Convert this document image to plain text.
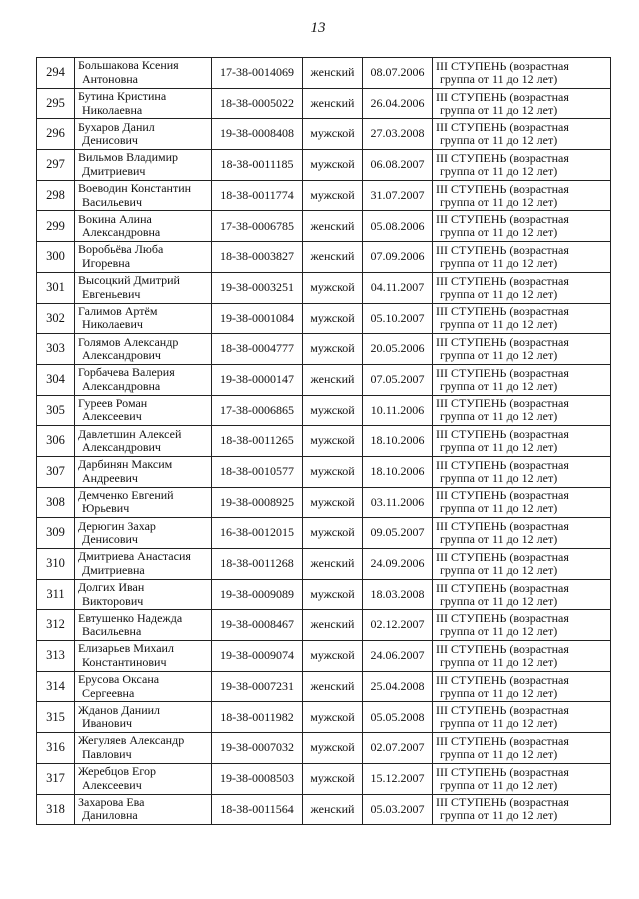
13
294	Большакова Ксения
Антоновна	17-38-0014069	женский	08.07.2006	III СТУПЕНЬ (возрастная
группа от 11 до 12 лет)

295	Бутина Кристина
Николаевна	18-38-0005022	женский	26.04.2006	III СТУПЕНЬ (возрастная
группа от 11 до 12 лет)

296	Бухаров Данил
Денисович	19-38-0008408	мужской	27.03.2008	III СТУПЕНЬ (возрастная
группа от 11 до 12 лет)

297	Вильмов Владимир
Дмитриевич	18-38-0011185	мужской	06.08.2007	III СТУПЕНЬ (возрастная
группа от 11 до 12 лет)

298	Воеводин Константин
Васильевич	18-38-0011774	мужской	31.07.2007	III СТУПЕНЬ (возрастная
группа от 11 до 12 лет)

299	Вокина Алина
Александровна	17-38-0006785	женский	05.08.2006	III СТУПЕНЬ (возрастная
группа от 11 до 12 лет)

300	Воробьёва Люба
Игоревна	18-38-0003827	женский	07.09.2006	III СТУПЕНЬ (возрастная
группа от 11 до 12 лет)

301	Высоцкий Дмитрий
Евгеньевич	19-38-0003251	мужской	04.11.2007	III СТУПЕНЬ (возрастная
группа от 11 до 12 лет)

302	Галимов Артём
Николаевич	19-38-0001084	мужской	05.10.2007	III СТУПЕНЬ (возрастная
группа от 11 до 12 лет)

303	Голямов Александр
Александрович	18-38-0004777	мужской	20.05.2006	III СТУПЕНЬ (возрастная
группа от 11 до 12 лет)

304	Горбачева Валерия
Александровна	19-38-0000147	женский	07.05.2007	III СТУПЕНЬ (возрастная
группа от 11 до 12 лет)

305	Гуреев Роман
Алексеевич	17-38-0006865	мужской	10.11.2006	III СТУПЕНЬ (возрастная
группа от 11 до 12 лет)

306	Давлетшин Алексей
Александрович	18-38-0011265	мужской	18.10.2006	III СТУПЕНЬ (возрастная
группа от 11 до 12 лет)

307	Дарбинян Максим
Андреевич	18-38-0010577	мужской	18.10.2006	III СТУПЕНЬ (возрастная
группа от 11 до 12 лет)

308	Демченко Евгений
Юрьевич	19-38-0008925	мужской	03.11.2006	III СТУПЕНЬ (возрастная
группа от 11 до 12 лет)

309	Дерюгин Захар
Денисович	16-38-0012015	мужской	09.05.2007	III СТУПЕНЬ (возрастная
группа от 11 до 12 лет)

310	Дмитриева Анастасия
Дмитриевна	18-38-0011268	женский	24.09.2006	III СТУПЕНЬ (возрастная
группа от 11 до 12 лет)

311	Долгих Иван
Викторович	19-38-0009089	мужской	18.03.2008	III СТУПЕНЬ (возрастная
группа от 11 до 12 лет)

312	Евтушенко Надежда
Васильевна	19-38-0008467	женский	02.12.2007	III СТУПЕНЬ (возрастная
группа от 11 до 12 лет)

313	Елизарьев Михаил
Константинович	19-38-0009074	мужской	24.06.2007	III СТУПЕНЬ (возрастная
группа от 11 до 12 лет)

314	Ерусова Оксана
Сергеевна	19-38-0007231	женский	25.04.2008	III СТУПЕНЬ (возрастная
группа от 11 до 12 лет)

315	Жданов Даниил
Иванович	18-38-0011982	мужской	05.05.2008	III СТУПЕНЬ (возрастная
группа от 11 до 12 лет)

316	Жегуляев Александр
Павлович	19-38-0007032	мужской	02.07.2007	III СТУПЕНЬ (возрастная
группа от 11 до 12 лет)

317	Жеребцов Егор
Алексеевич	19-38-0008503	мужской	15.12.2007	III СТУПЕНЬ (возрастная
группа от 11 до 12 лет)

318	Захарова Ева
Даниловна	18-38-0011564	женский	05.03.2007	III СТУПЕНЬ (возрастная
группа от 11 до 12 лет)
